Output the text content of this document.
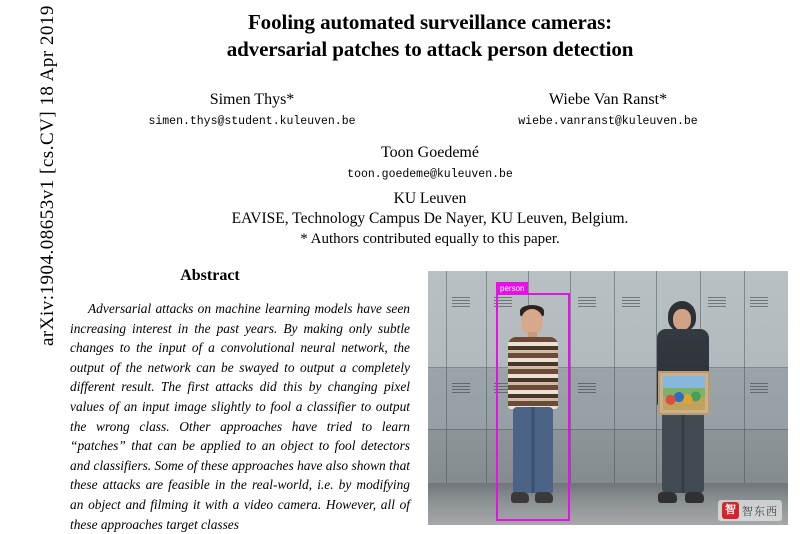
arXiv:1904.08653v1 [cs.CV] 18 Apr 2019	Fooling automated surveillance cameras:
adversarial patches to attack person detection
Simen Thys*
simen.thys@student.kuleuven.be
Wiebe Van Ranst*
wiebe.vanranst@kuleuven.be
Toon Goedemé
toon.goedeme@kuleuven.be
KU Leuven
EAVISE, Technology Campus De Nayer, KU Leuven, Belgium.
* Authors contributed equally to this paper.
Abstract
Adversarial attacks on machine learning models have seen increasing interest in the past years. By making only subtle changes to the input of a convolutional neural network, the output of the network can be swayed to output a completely different result. The first attacks did this by changing pixel values of an input image slightly to fool a classifier to output the wrong class. Other approaches have tried to learn “patches” that can be applied to an object to fool detectors and classifiers. Some of these approaches have also shown that these attacks are feasible in the real-world, i.e. by modifying an object and filming it with a video camera. However, all of these approaches target classes
person
智 智东西
